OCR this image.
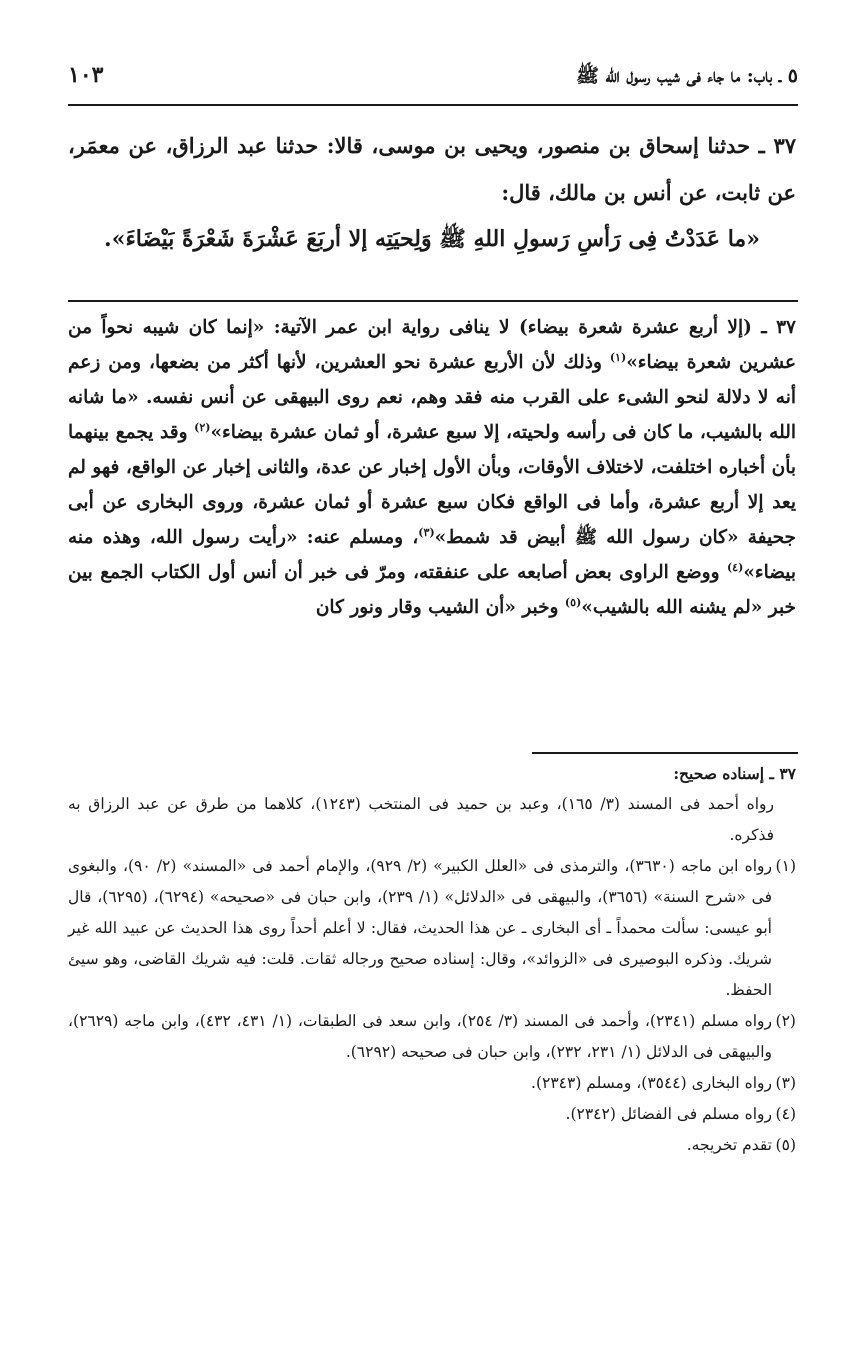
٥ ـ باب: ما جاء فى شيب رسول الله ﷺ
١٠٣

٣٧ ـ حدثنا إسحاق بن منصور، ويحيى بن موسى، قالا: حدثنا عبد الرزاق، عن معمَر، عن ثابت، عن أنس بن مالك، قال:

«ما عَدَدْتُ فِى رَأسِ رَسولِ اللهِ ﷺ وَلِحيَتِه إلا أربَعَ عَشْرَةَ شَعْرَةً بَيْضَاءَ».

٣٧ ـ (إلا أربع عشرة شعرة بيضاء) لا ينافى رواية ابن عمر الآتية: «إنما كان شيبه نحواً من عشرين شعرة بيضاء»$^{(١)}$ وذلك لأن الأربع عشرة نحو العشرين، لأنها أكثر من بضعها، ومن زعم أنه لا دلالة لنحو الشىء على القرب منه فقد وهم، نعم روى البيهقى عن أنس نفسه. «ما شانه الله بالشيب، ما كان فى رأسه ولحيته، إلا سبع عشرة، أو ثمان عشرة بيضاء»$^{(٢)}$ وقد يجمع بينهما بأن أخباره اختلفت، لاختلاف الأوقات، وبأن الأول إخبار عن عدة، والثانى إخبار عن الواقع، فهو لم يعد إلا أربع عشرة، وأما فى الواقع فكان سبع عشرة أو ثمان عشرة، وروى البخارى عن أبى جحيفة «كان رسول الله ﷺ أبيض قد شمط»$^{(٣)}$، ومسلم عنه: «رأيت رسول الله، وهذه منه بيضاء»$^{(٤)}$ ووضع الراوى بعض أصابعه على عنفقته، ومرّ فى خبر أن أنس أول الكتاب الجمع بين خبر «لم يشنه الله بالشيب»$^{(٥)}$ وخبر «أن الشيب وقار ونور كان

٣٧ ـ إسناده صحيح:

رواه أحمد فى المسند (٣/ ١٦٥)، وعبد بن حميد فى المنتخب (١٢٤٣)، كلاهما من طرق عن عبد الرزاق به فذكره.

(١)رواه ابن ماجه (٣٦٣٠)، والترمذى فى «العلل الكبير» (٢/ ٩٢٩)، والإمام أحمد فى «المسند» (٢/ ٩٠)، والبغوى فى «شرح السنة» (٣٦٥٦)، والبيهقى فى «الدلائل» (١/ ٢٣٩)، وابن حبان فى «صحيحه» (٦٢٩٤)، (٦٢٩٥)، قال أبو عيسى: سألت محمداً ـ أى البخارى ـ عن هذا الحديث، فقال: لا أعلم أحداً روى هذا الحديث عن عبيد الله غير شريك. وذكره البوصيرى فى «الزوائد»، وقال: إسناده صحيح ورجاله ثقات. قلت: فيه شريك القاضى، وهو سيئ الحفظ.

(٢)رواه مسلم (٢٣٤١)، وأحمد فى المسند (٣/ ٢٥٤)، وابن سعد فى الطبقات، (١/ ٤٣١، ٤٣٢)، وابن ماجه (٢٦٢٩)، والبيهقى فى الدلائل (١/ ٢٣١، ٢٣٢)، وابن حبان فى صحيحه (٦٢٩٢).

(٣)رواه البخارى (٣٥٤٤)، ومسلم (٢٣٤٣).

(٤)رواه مسلم فى الفضائل (٢٣٤٢).

(٥)تقدم تخريجه.
